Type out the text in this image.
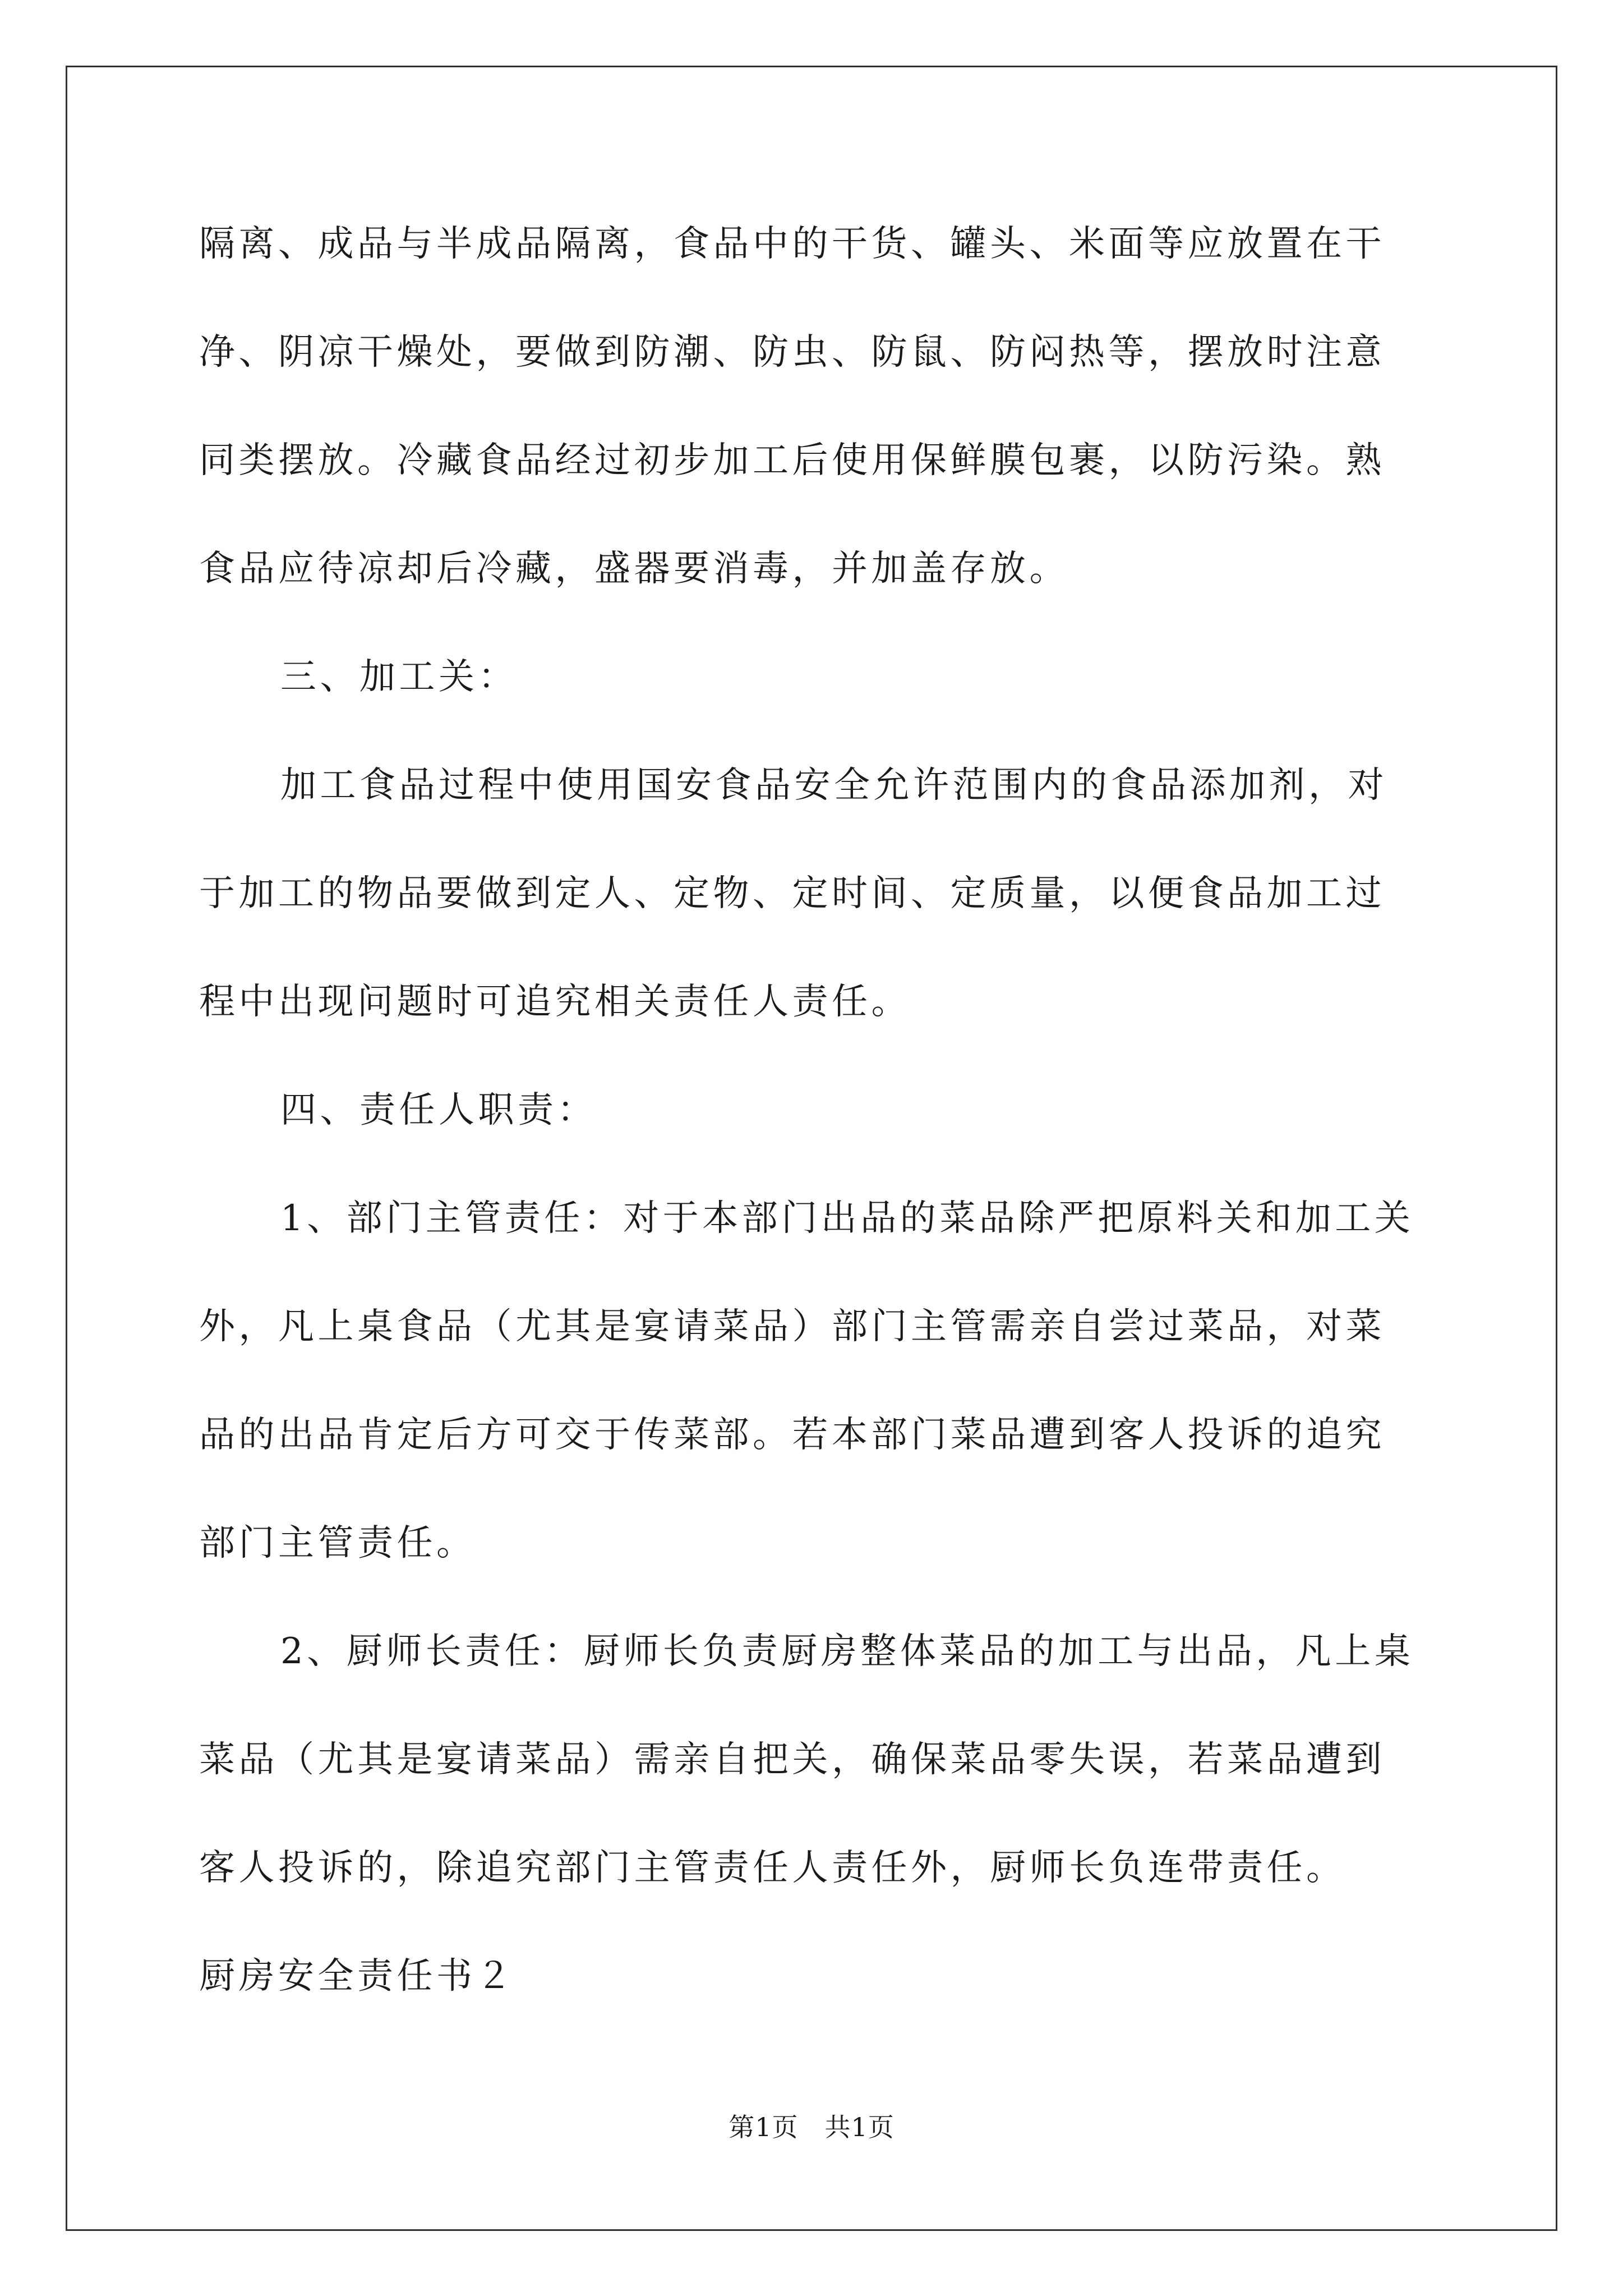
隔离、成品与半成品隔离，食品中的干货、罐头、米面等应放置在干
净、阴凉干燥处，要做到防潮、防虫、防鼠、防闷热等，摆放时注意
同类摆放。冷藏食品经过初步加工后使用保鲜膜包裹，以防污染。熟
食品应待凉却后冷藏，盛器要消毒，并加盖存放。
三、加工关：
加工食品过程中使用国安食品安全允许范围内的食品添加剂，对
于加工的物品要做到定人、定物、定时间、定质量，以便食品加工过
程中出现问题时可追究相关责任人责任。
四、责任人职责：
1、部门主管责任：对于本部门出品的菜品除严把原料关和加工关
外，凡上桌食品（尤其是宴请菜品）部门主管需亲自尝过菜品，对菜
品的出品肯定后方可交于传菜部。若本部门菜品遭到客人投诉的追究
部门主管责任。
2、厨师长责任：厨师长负责厨房整体菜品的加工与出品，凡上桌
菜品（尤其是宴请菜品）需亲自把关，确保菜品零失误，若菜品遭到
客人投诉的，除追究部门主管责任人责任外，厨师长负连带责任。
厨房安全责任书２
第1页　共1页
